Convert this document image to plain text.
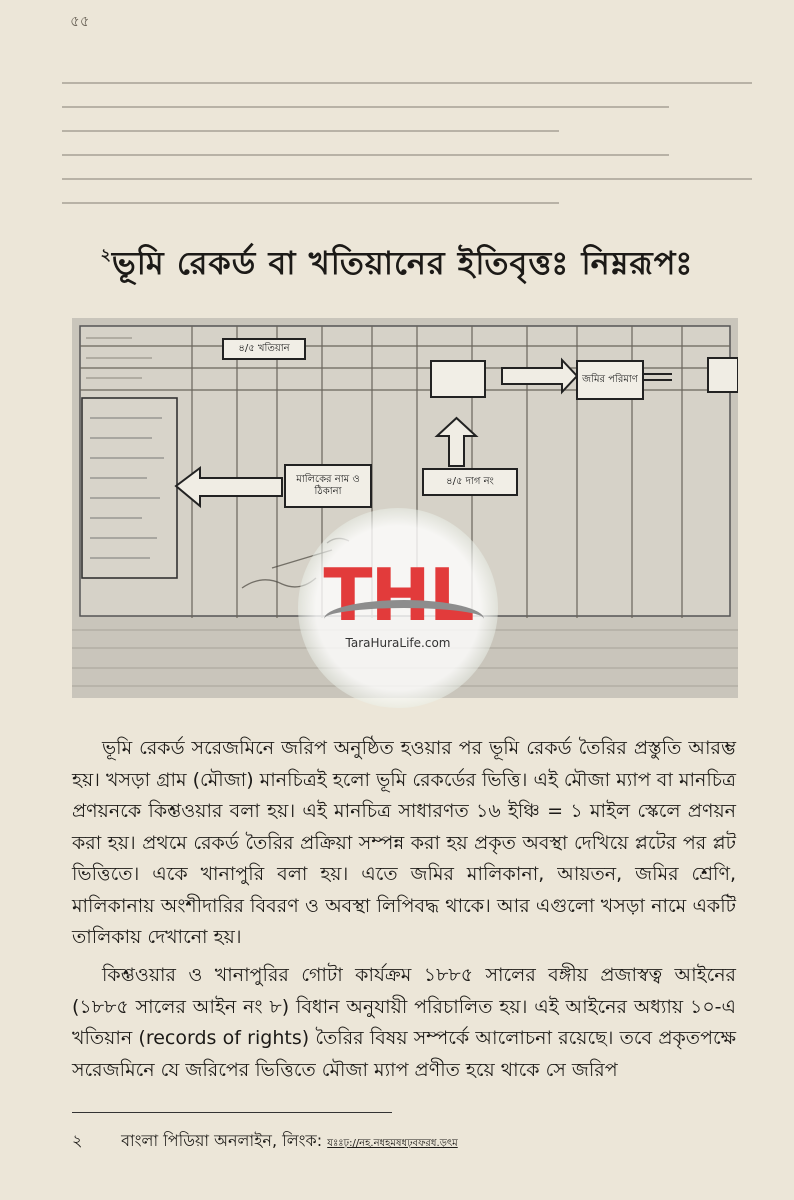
৫৫
$^২$ভূমি রেকর্ড বা খতিয়ানের ইতিবৃত্তঃ নিম্নরূপঃ
৪/৫ খতিয়ান
মালিকের নাম ও ঠিকানা
৪/৫ দাগ নং
জমির পরিমাণ
THL
TaraHuraLife.com

ভূমি রেকর্ড সরেজমিনে জরিপ অনুষ্ঠিত হওয়ার পর ভূমি রেকর্ড তৈরির প্রস্তুতি আরম্ভ হয়। খসড়া গ্রাম (মৌজা) মানচিত্রই হলো ভূমি রেকর্ডের ভিত্তি। এই মৌজা ম্যাপ বা মানচিত্র প্রণয়নকে কিশ্তওয়ার বলা হয়। এই মানচিত্র সাধারণত ১৬ ইঞ্চি = ১ মাইল স্কেলে প্রণয়ন করা হয়। প্রথমে রেকর্ড তৈরির প্রক্রিয়া সম্পন্ন করা হয় প্রকৃত অবস্থা দেখিয়ে প্লটের পর প্লট ভিত্তিতে। একে খানাপুরি বলা হয়। এতে জমির মালিকানা, আয়তন, জমির শ্রেণি, মালিকানায় অংশীদারির বিবরণ ও অবস্থা লিপিবদ্ধ থাকে। আর এগুলো খসড়া নামে একটি তালিকায় দেখানো হয়।

কিশ্তওয়ার ও খানাপুরির গোটা কার্যক্রম ১৮৮৫ সালের বঙ্গীয় প্রজাস্বত্ব আইনের (১৮৮৫ সালের আইন নং ৮) বিধান অনুযায়ী পরিচালিত হয়। এই আইনের অধ্যায় ১০-এ খতিয়ান (records of rights) তৈরির বিষয় সম্পর্কে আলোচনা রয়েছে। তবে প্রকৃতপক্ষে সরেজমিনে যে জরিপের ভিত্তিতে মৌজা ম্যাপ প্রণীত হয়ে থাকে সে জরিপ

২ বাংলা পিডিয়া অনলাইন, লিংক: যঃঃঢ়://নহ.নধহমষধঢ়বফরধ.ড়ৎম
